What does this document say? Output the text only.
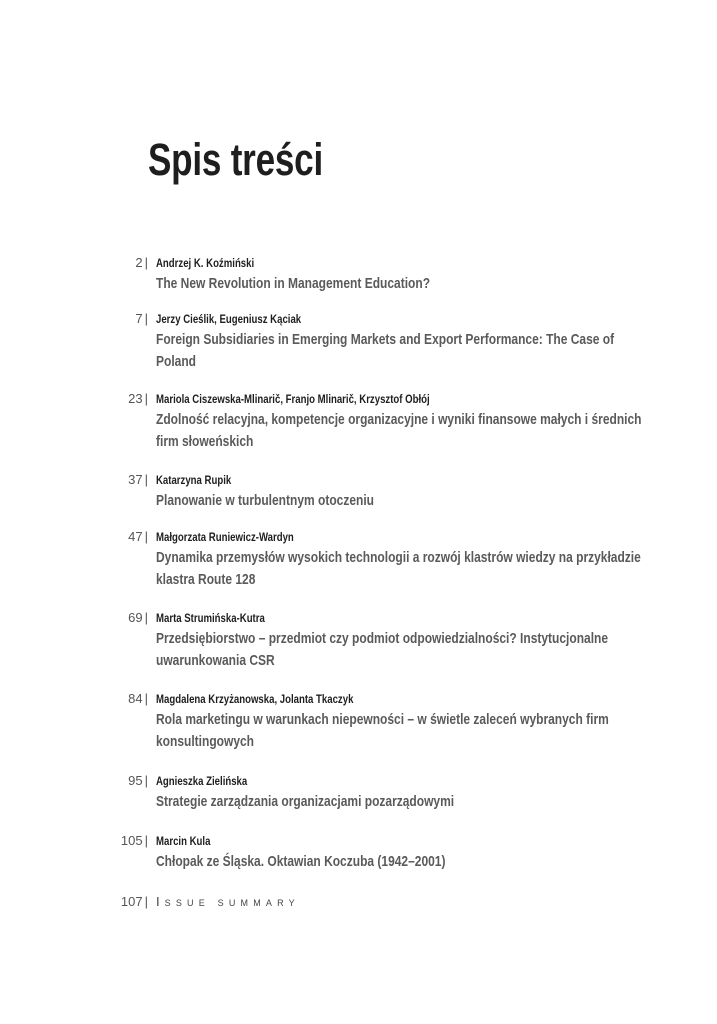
Spis treści
2 | Andrzej K. Koźmiński
The New Revolution in Management Education?
7 | Jerzy Cieślik, Eugeniusz Kąciak
Foreign Subsidiaries in Emerging Markets and Export Performance: The Case of Poland
23 | Mariola Ciszewska-Mlinarič, Franjo Mlinarič, Krzysztof Obłój
Zdolność relacyjna, kompetencje organizacyjne i wyniki finansowe małych i średnich firm słoweńskich
37 | Katarzyna Rupik
Planowanie w turbulentnym otoczeniu
47 | Małgorzata Runiewicz-Wardyn
Dynamika przemysłów wysokich technologii a rozwój klastrów wiedzy na przykładzie klastra Route 128
69 | Marta Strumińska-Kutra
Przedsiębiorstwo – przedmiot czy podmiot odpowiedzialności? Instytucjonalne uwarunkowania CSR
84 | Magdalena Krzyżanowska, Jolanta Tkaczyk
Rola marketingu w warunkach niepewności – w świetle zaleceń wybranych firm konsultingowych
95 | Agnieszka Zielińska
Strategie zarządzania organizacjami pozarządowymi
105 | Marcin Kula
Chłopak ze Śląska. Oktawian Koczuba (1942–2001)
107 | ISSUE SUMMARY
